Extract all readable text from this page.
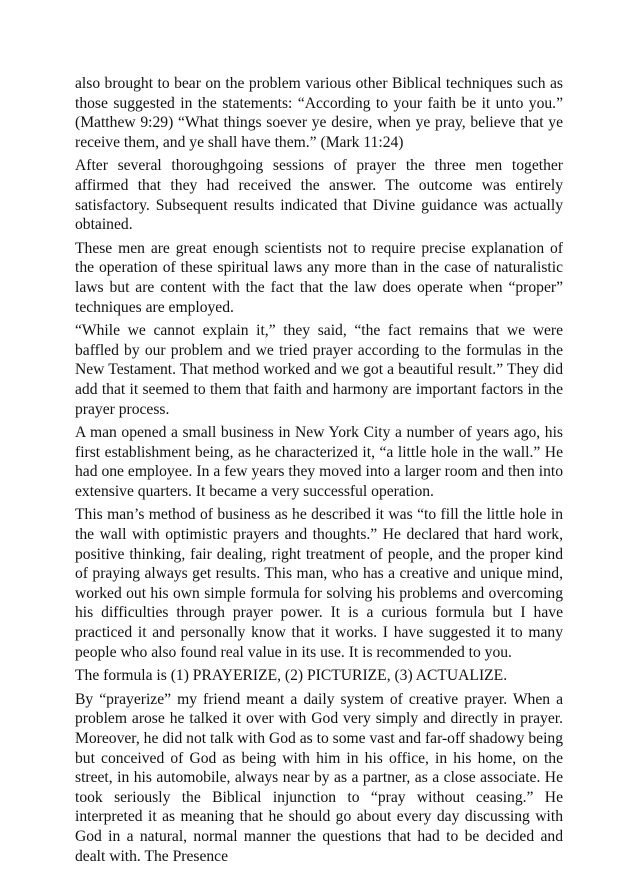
also brought to bear on the problem various other Biblical techniques such as those suggested in the statements: “According to your faith be it unto you.” (Matthew 9:29) “What things soever ye desire, when ye pray, believe that ye receive them, and ye shall have them.” (Mark 11:24)

After several thoroughgoing sessions of prayer the three men together affirmed that they had received the answer. The outcome was entirely satisfactory. Subsequent results indicated that Divine guidance was actually obtained.

These men are great enough scientists not to require precise explanation of the operation of these spiritual laws any more than in the case of naturalistic laws but are content with the fact that the law does operate when “proper” techniques are employed.

“While we cannot explain it,” they said, “the fact remains that we were baffled by our problem and we tried prayer according to the formulas in the New Testament. That method worked and we got a beautiful result.” They did add that it seemed to them that faith and harmony are important factors in the prayer process.

A man opened a small business in New York City a number of years ago, his first establishment being, as he characterized it, “a little hole in the wall.” He had one employee. In a few years they moved into a larger room and then into extensive quarters. It became a very successful operation.

This man’s method of business as he described it was “to fill the little hole in the wall with optimistic prayers and thoughts.” He declared that hard work, positive thinking, fair dealing, right treatment of people, and the proper kind of praying always get results. This man, who has a creative and unique mind, worked out his own simple formula for solving his problems and overcoming his difficulties through prayer power. It is a curious formula but I have practiced it and personally know that it works. I have suggested it to many people who also found real value in its use. It is recommended to you.

The formula is (1) PRAYERIZE, (2) PICTURIZE, (3) ACTUALIZE.

By “prayerize” my friend meant a daily system of creative prayer. When a problem arose he talked it over with God very simply and directly in prayer. Moreover, he did not talk with God as to some vast and far-off shadowy being but conceived of God as being with him in his office, in his home, on the street, in his automobile, always near by as a partner, as a close associate. He took seriously the Biblical injunction to “pray without ceasing.” He interpreted it as meaning that he should go about every day discussing with God in a natural, normal manner the questions that had to be decided and dealt with. The Presence
